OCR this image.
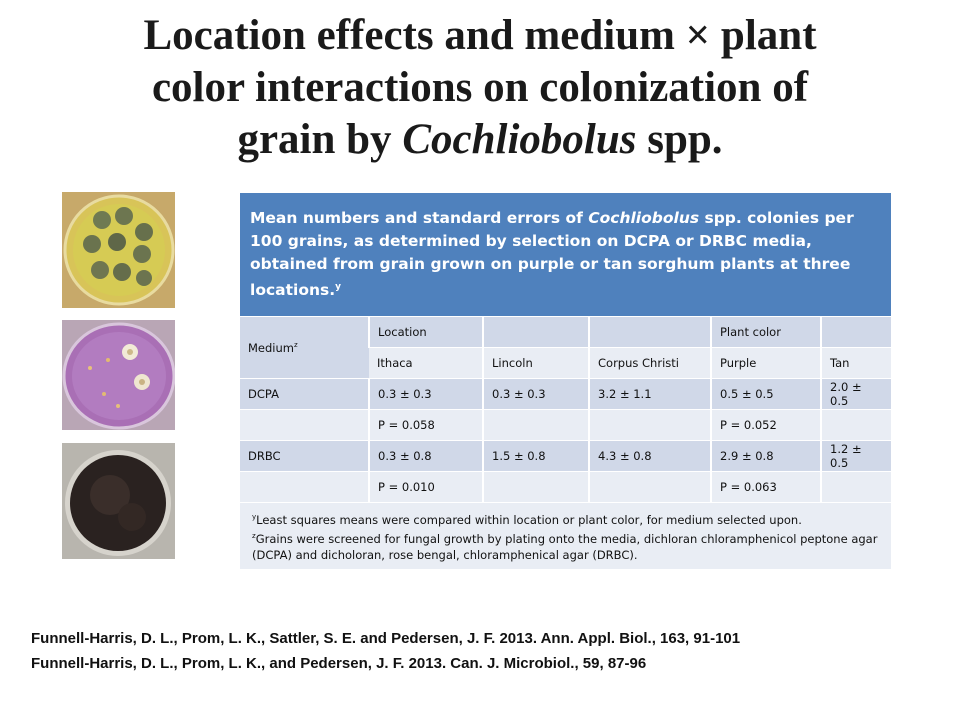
Location effects and medium × plant
color interactions on colonization of
grain by Cochliobolus spp.
Mean numbers and standard errors of Cochliobolus spp. colonies per 100 grains, as determined by selection on DCPA or DRBC media, obtained from grain grown on purple or tan sorghum plants at three locations.$^y$
Medium$^z$	Location			Plant color	
	Ithaca	Lincoln	Corpus Christi	Purple	Tan
DCPA	0.3 ± 0.3	0.3 ± 0.3	3.2 ± 1.1	0.5 ± 0.5	2.0 ± 0.5
	P = 0.058			P = 0.052	
DRBC	0.3 ± 0.8	1.5 ± 0.8	4.3 ± 0.8	2.9 ± 0.8	1.2 ± 0.5
	P = 0.010			P = 0.063	

$^y$Least squares means were compared within location or plant color, for medium selected upon.
$^z$Grains were screened for fungal growth by plating onto the media, dichloran chloramphenicol peptone agar (DCPA) and dicholoran, rose bengal, chloramphenical agar (DRBC).					
Funnell-Harris, D. L., Prom, L. K., Sattler, S. E. and Pedersen, J. F. 2013. Ann. Appl. Biol., 163, 91-101
Funnell-Harris, D. L., Prom, L. K., and Pedersen, J. F. 2013. Can. J. Microbiol., 59, 87-96
